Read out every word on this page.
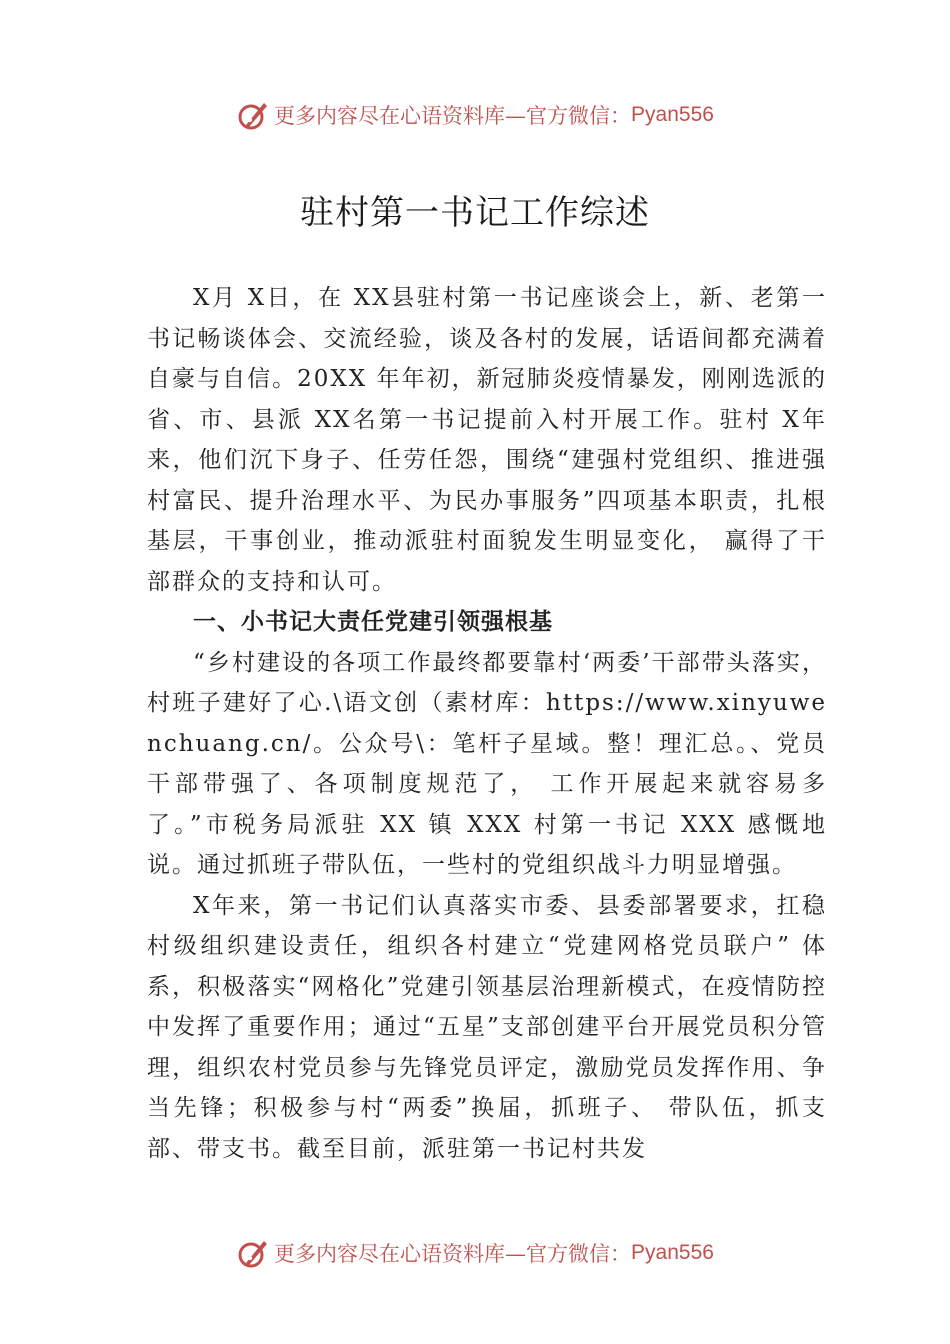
更多内容尽在心语资料库—官方微信： Pyan556
驻村第一书记工作综述

X月 X日，在 XX县驻村第一书记座谈会上，新、老第一书记畅谈体会、交流经验，谈及各村的发展，话语间都充满着自豪与自信。20XX 年年初，新冠肺炎疫情暴发，刚刚选派的省、市、县派 XX名第一书记提前入村开展工作。驻村 X年来，他们沉下身子、任劳任怨，围绕“建强村党组织、推进强村富民、提升治理水平、为民办事服务”四项基本职责，扎根基层，干事创业，推动派驻村面貌发生明显变化， 赢得了干部群众的支持和认可。

一、小书记大责任党建引领强根基

“乡村建设的各项工作最终都要靠村‘两委’干部带头落实，村班子建好了心.\语文创（素材库：https://www.xinyuwenchuang.cn/。公众号\：笔杆子星域。整！理汇总。、党员干部带强了、各项制度规范了， 工作开展起来就容易多了。”市税务局派驻 XX 镇 XXX 村第一书记 XXX 感慨地说。通过抓班子带队伍，一些村的党组织战斗力明显增强。

X年来，第一书记们认真落实市委、县委部署要求，扛稳村级组织建设责任，组织各村建立“党建网格党员联户” 体系，积极落实“网格化”党建引领基层治理新模式，在疫情防控中发挥了重要作用；通过“五星”支部创建平台开展党员积分管理，组织农村党员参与先锋党员评定，激励党员发挥作用、争当先锋；积极参与村“两委”换届，抓班子、 带队伍，抓支部、带支书。截至目前，派驻第一书记村共发

更多内容尽在心语资料库—官方微信： Pyan556
